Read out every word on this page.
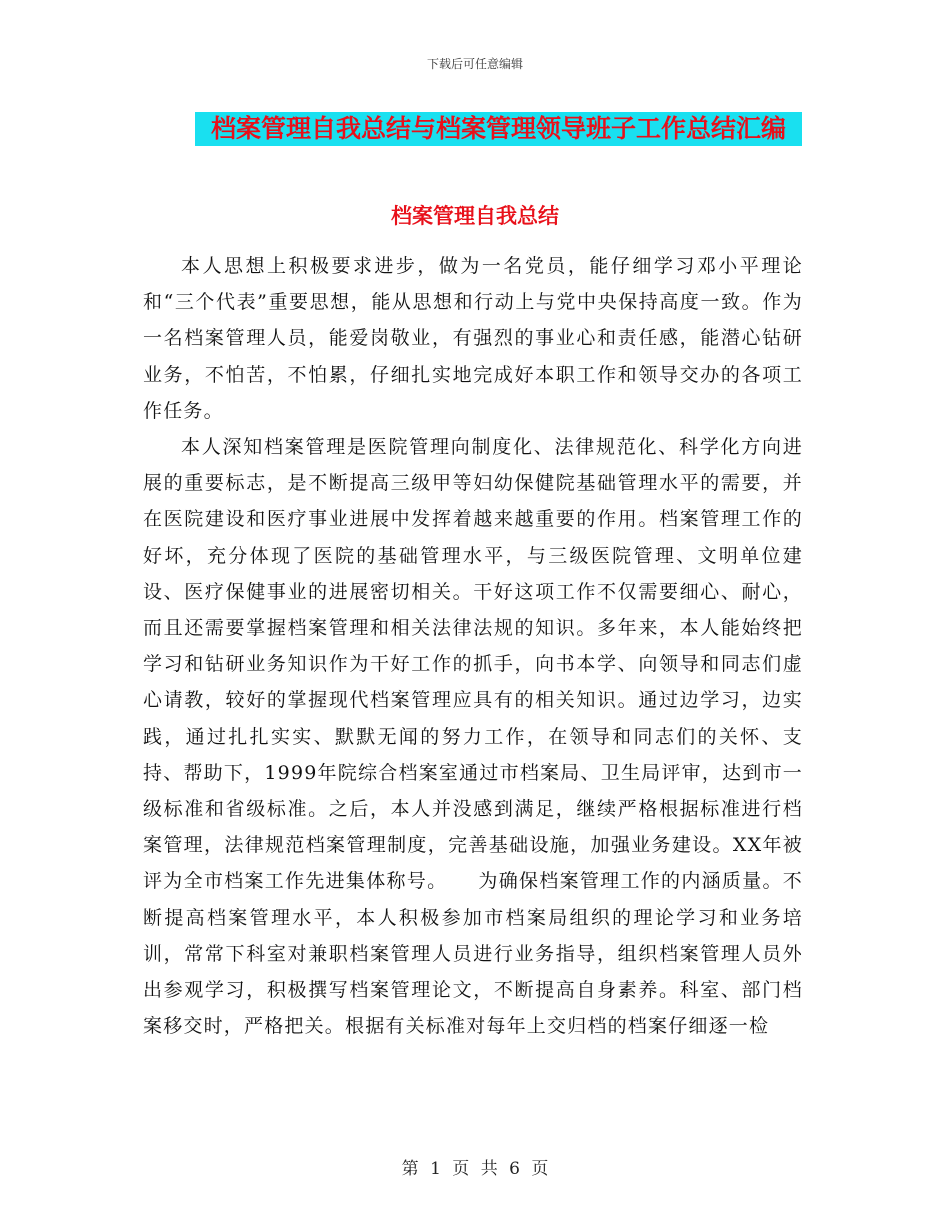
下载后可任意编辑
档案管理自我总结与档案管理领导班子工作总结汇编
档案管理自我总结

本人思想上积极要求进步，做为一名党员，能仔细学习邓小平理论和“三个代表”重要思想，能从思想和行动上与党中央保持高度一致。作为一名档案管理人员，能爱岗敬业，有强烈的事业心和责任感，能潜心钻研业务，不怕苦，不怕累，仔细扎实地完成好本职工作和领导交办的各项工作任务。

本人深知档案管理是医院管理向制度化、法律规范化、科学化方向进展的重要标志，是不断提高三级甲等妇幼保健院基础管理水平的需要，并在医院建设和医疗事业进展中发挥着越来越重要的作用。档案管理工作的好坏，充分体现了医院的基础管理水平，与三级医院管理、文明单位建设、医疗保健事业的进展密切相关。干好这项工作不仅需要细心、耐心，而且还需要掌握档案管理和相关法律法规的知识。多年来，本人能始终把学习和钻研业务知识作为干好工作的抓手，向书本学、向领导和同志们虚心请教，较好的掌握现代档案管理应具有的相关知识。通过边学习，边实践，通过扎扎实实、默默无闻的努力工作，在领导和同志们的关怀、支持、帮助下，1999年院综合档案室通过市档案局、卫生局评审，达到市一级标准和省级标准。之后，本人并没感到满足，继续严格根据标准进行档案管理，法律规范档案管理制度，完善基础设施，加强业务建设。XX年被评为全市档案工作先进集体称号。　　为确保档案管理工作的内涵质量。不断提高档案管理水平，本人积极参加市档案局组织的理论学习和业务培训，常常下科室对兼职档案管理人员进行业务指导，组织档案管理人员外出参观学习，积极撰写档案管理论文，不断提高自身素养。科室、部门档案移交时，严格把关。根据有关标准对每年上交归档的档案仔细逐一检

第 1 页 共 6 页
